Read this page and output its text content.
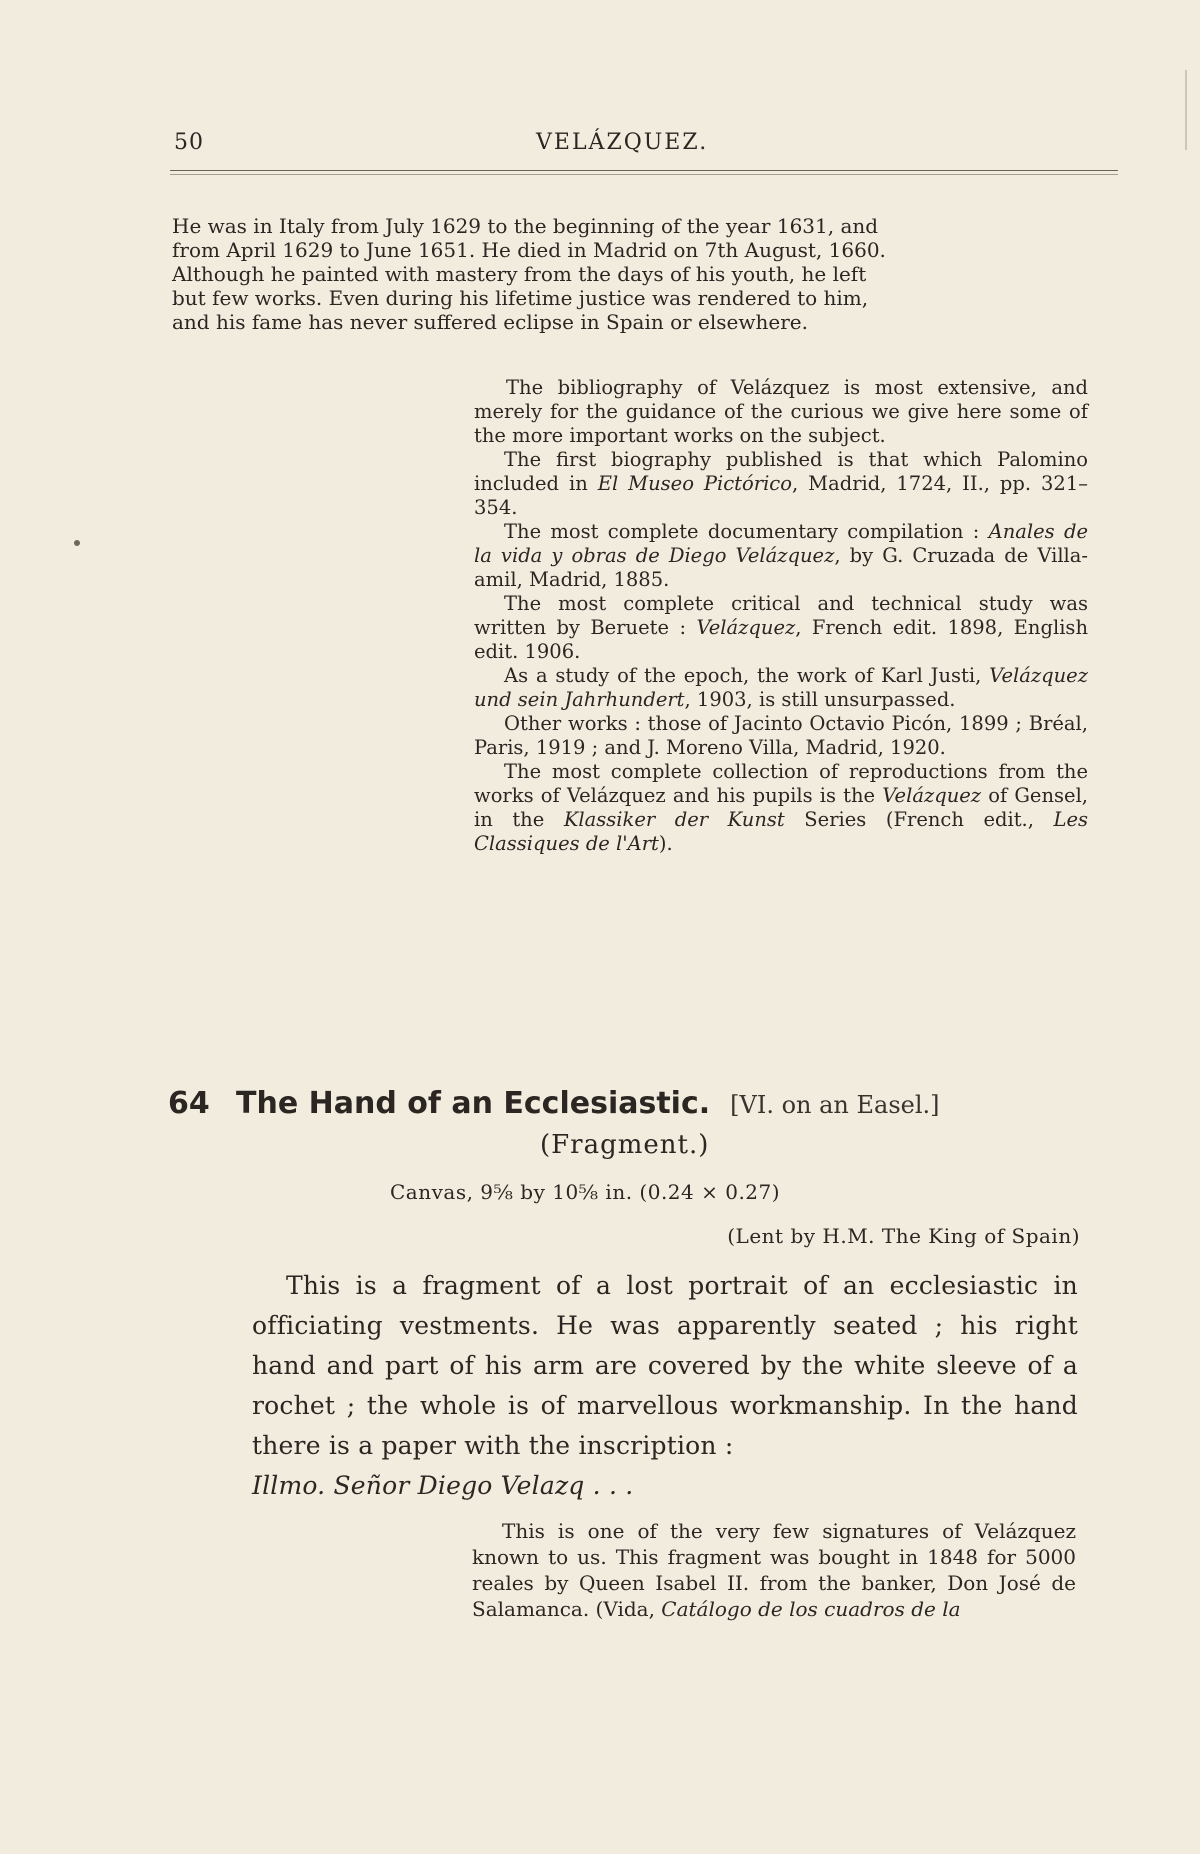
50	VELÁZQUEZ.

He was in Italy from July 1629 to the beginning of the year 1631, and

from April 1629 to June 1651. He died in Madrid on 7th August, 1660.

Although he painted with mastery from the days of his youth, he left

but few works. Even during his lifetime justice was rendered to him,

and his fame has never suffered eclipse in Spain or elsewhere.

The bibliography of Velázquez is most extensive, and merely for the guidance of the curious we give here some of the more important works on the subject.

The first biography published is that which Palomino included in El Museo Pictórico, Madrid, 1724, II., pp. 321–354.

The most complete documentary compilation : Anales de la vida y obras de Diego Velázquez, by G. Cruzada de Villa-amil, Madrid, 1885.

The most complete critical and technical study was written by Beruete : Velázquez, French edit. 1898, English edit. 1906.

As a study of the epoch, the work of Karl Justi, Velázquez und sein Jahrhundert, 1903, is still unsurpassed.

Other works : those of Jacinto Octavio Picón, 1899 ; Bréal, Paris, 1919 ; and J. Moreno Villa, Madrid, 1920.

The most complete collection of reproductions from the works of Velázquez and his pupils is the Velázquez of Gensel, in the Klassiker der Kunst Series (French edit., Les Classiques de l'Art).

64 The Hand of an Ecclesiastic. [VI. on an Easel.]
(Fragment.)
Canvas, 9⅝ by 10⅝ in. (0.24 × 0.27)
(Lent by H.M. The King of Spain)

This is a fragment of a lost portrait of an ecclesiastic in officiating vestments. He was apparently seated ; his right hand and part of his arm are covered by the white sleeve of a rochet ; the whole is of marvellous workmanship. In the hand there is a paper with the inscription :
Illmo. Señor Diego Velazq . . .

This is one of the very few signatures of Velázquez known to us. This fragment was bought in 1848 for 5000 reales by Queen Isabel II. from the banker, Don José de Salamanca. (Vida, Catálogo de los cuadros de la
